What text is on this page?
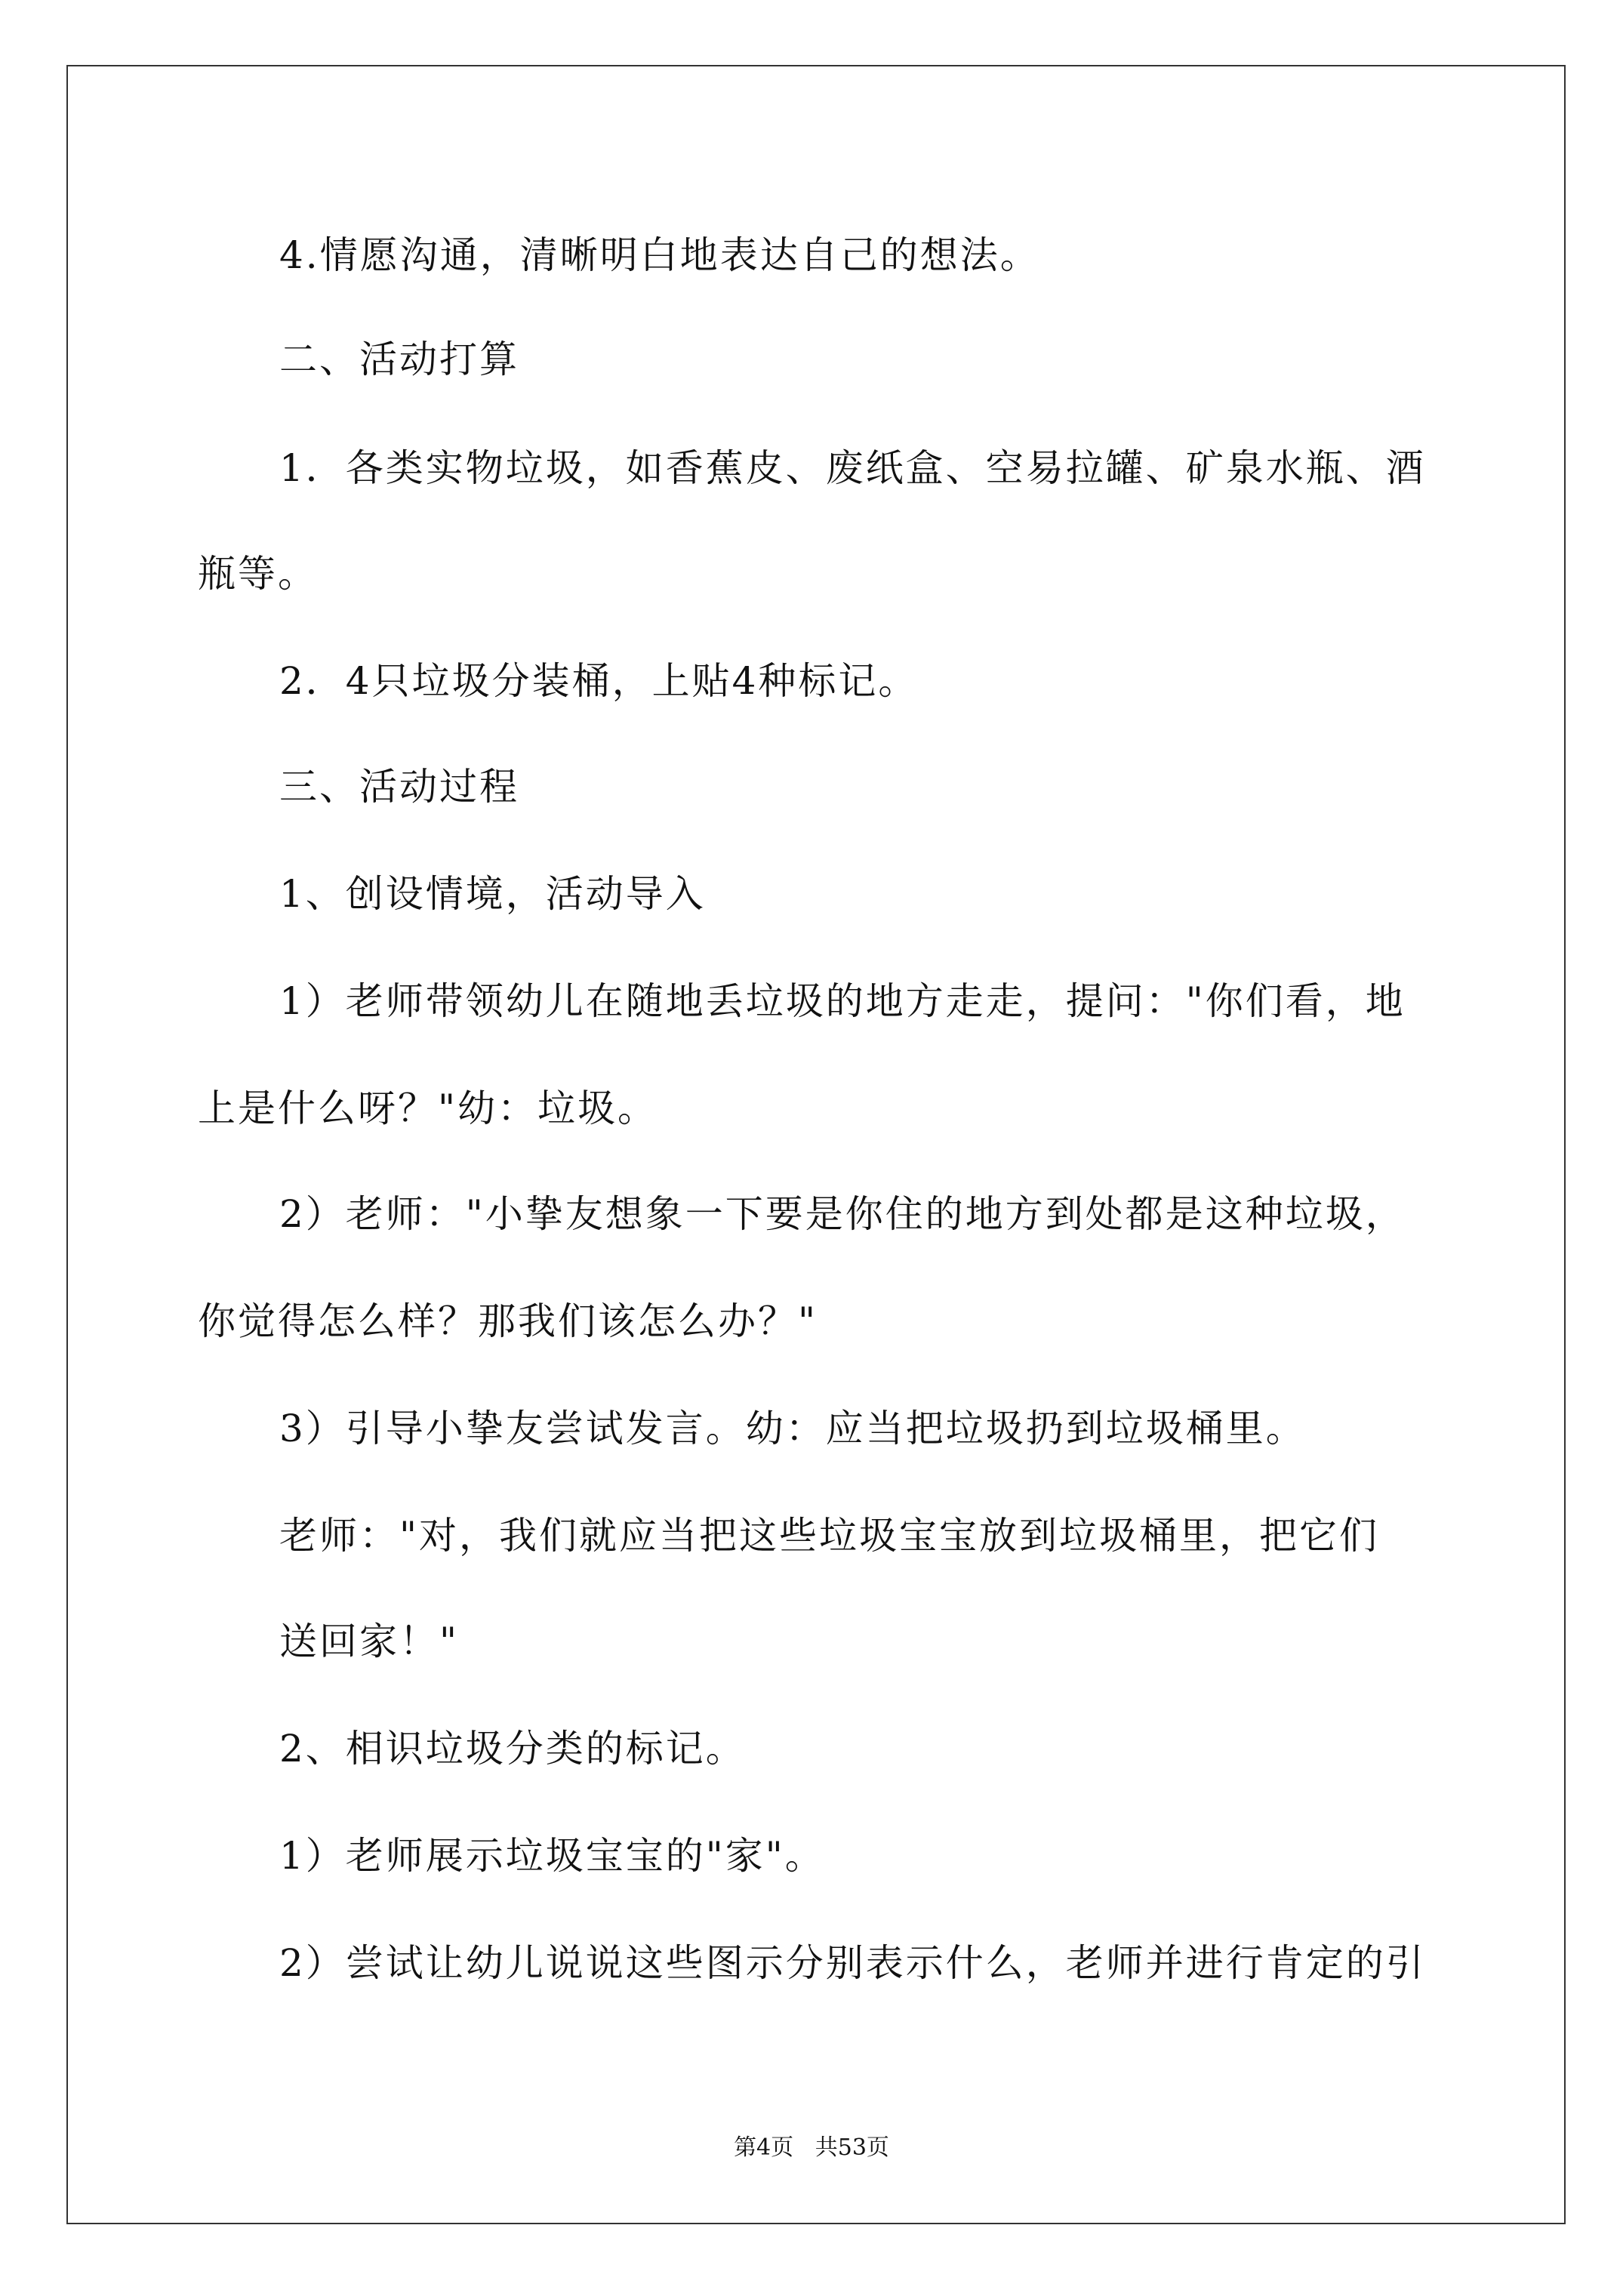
4.情愿沟通，清晰明白地表达自己的想法。
二、活动打算
1．各类实物垃圾，如香蕉皮、废纸盒、空易拉罐、矿泉水瓶、酒
瓶等。
2．4只垃圾分装桶，上贴4种标记。
三、活动过程
1、创设情境，活动导入
1）老师带领幼儿在随地丢垃圾的地方走走，提问："你们看，地
上是什么呀？"幼：垃圾。
2）老师："小挚友想象一下要是你住的地方到处都是这种垃圾，
你觉得怎么样？那我们该怎么办？"
3）引导小挚友尝试发言。幼：应当把垃圾扔到垃圾桶里。
老师："对，我们就应当把这些垃圾宝宝放到垃圾桶里，把它们
送回家！"
2、相识垃圾分类的标记。
1）老师展示垃圾宝宝的"家"。
2）尝试让幼儿说说这些图示分别表示什么，老师并进行肯定的引
第4页   共53页
